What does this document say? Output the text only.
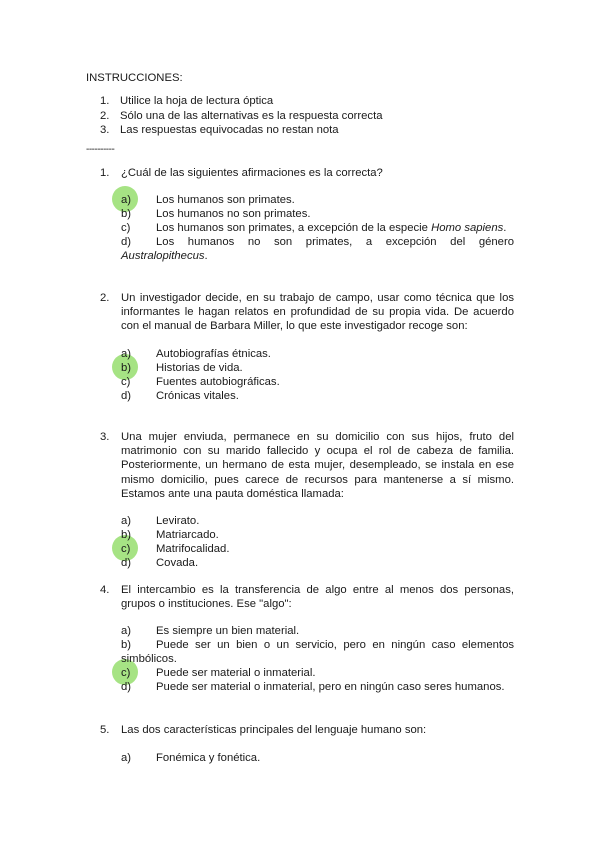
INSTRUCCIONES:
1. Utilice la hoja de lectura óptica
2. Sólo una de las alternativas es la respuesta correcta
3. Las respuestas equivocadas no restan nota
----------
1.	¿Cuál de las siguientes afirmaciones es la correcta?
a) Los humanos son primates.
b) Los humanos no son primates.
c) Los humanos son primates, a excepción de la especie Homo sapiens.
d) Los humanos no son primates, a excepción del género Australopithecus.
2.	Un investigador decide, en su trabajo de campo, usar como técnica que los informantes le hagan relatos en profundidad de su propia vida. De acuerdo con el manual de Barbara Miller, lo que este investigador recoge son:
a) Autobiografías étnicas.
b) Historias de vida.
c) Fuentes autobiográficas.
d) Crónicas vitales.
3.	Una mujer enviuda, permanece en su domicilio con sus hijos, fruto del matrimonio con su marido fallecido y ocupa el rol de cabeza de familia. Posteriormente, un hermano de esta mujer, desempleado, se instala en ese mismo domicilio, pues carece de recursos para mantenerse a sí mismo. Estamos ante una pauta doméstica llamada:
a) Levirato.
b) Matriarcado.
c) Matrifocalidad.
d) Covada.
4.	El intercambio es la transferencia de algo entre al menos dos personas, grupos o instituciones. Ese "algo":
a) Es siempre un bien material.
b) Puede ser un bien o un servicio, pero en ningún caso elementos simbólicos.
c) Puede ser material o inmaterial.
d) Puede ser material o inmaterial, pero en ningún caso seres humanos.
5.	Las dos características principales del lenguaje humano son:
a) Fonémica y fonética.
